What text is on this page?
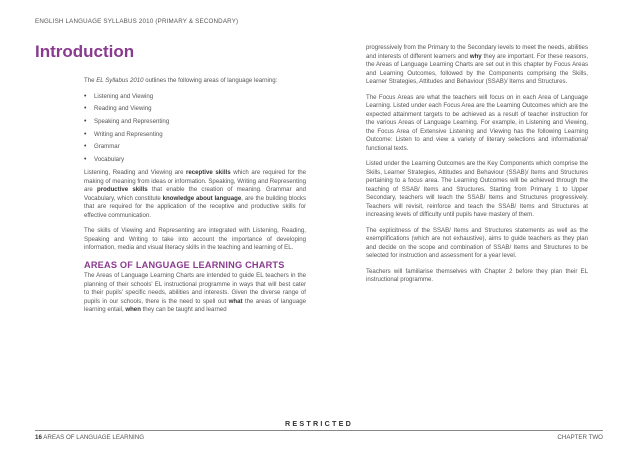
ENGLISH LANGUAGE SYLLABUS 2010 (PRIMARY & SECONDARY)
Introduction

The EL Syllabus 2010 outlines the following areas of language learning:

• Listening and Viewing
• Reading and Viewing
• Speaking and Representing
• Writing and Representing
• Grammar
• Vocabulary

Listening, Reading and Viewing are receptive skills which are required for the making of meaning from ideas or information. Speaking, Writing and Representing are productive skills that enable the creation of meaning. Grammar and Vocabulary, which constitute knowledge about language, are the building blocks that are required for the application of the receptive and productive skills for effective communication.

The skills of Viewing and Representing are integrated with Listening, Reading, Speaking and Writing to take into account the importance of developing information, media and visual literacy skills in the teaching and learning of EL.

AREAS OF LANGUAGE LEARNING CHARTS

The Areas of Language Learning Charts are intended to guide EL teachers in the planning of their schools' EL instructional programme in ways that will best cater to their pupils' specific needs, abilities and interests. Given the diverse range of pupils in our schools, there is the need to spell out what the areas of language learning entail, when they can be taught and learned

progressively from the Primary to the Secondary levels to meet the needs, abilities and interests of different learners and why they are important. For these reasons, the Areas of Language Learning Charts are set out in this chapter by Focus Areas and Learning Outcomes, followed by the Components comprising the Skills, Learner Strategies, Attitudes and Behaviour (SSAB)/ Items and Structures.

The Focus Areas are what the teachers will focus on in each Area of Language Learning. Listed under each Focus Area are the Learning Outcomes which are the expected attainment targets to be achieved as a result of teacher instruction for the various Areas of Language Learning. For example, in Listening and Viewing, the Focus Area of Extensive Listening and Viewing has the following Learning Outcome: Listen to and view a variety of literary selections and informational/ functional texts.

Listed under the Learning Outcomes are the Key Components which comprise the Skills, Learner Strategies, Attitudes and Behaviour (SSAB)/ Items and Structures pertaining to a focus area. The Learning Outcomes will be achieved through the teaching of SSAB/ Items and Structures. Starting from Primary 1 to Upper Secondary, teachers will teach the SSAB/ Items and Structures progressively. Teachers will revisit, reinforce and teach the SSAB/ Items and Structures at increasing levels of difficulty until pupils have mastery of them.

The explicitness of the SSAB/ Items and Structures statements as well as the exemplifications (which are not exhaustive), aims to guide teachers as they plan and decide on the scope and combination of SSAB/ Items and Structures to be selected for instruction and assessment for a year level.

Teachers will familiarise themselves with Chapter 2 before they plan their EL instructional programme.

RESTRICTED
16 AREAS OF LANGUAGE LEARNING	CHAPTER TWO
